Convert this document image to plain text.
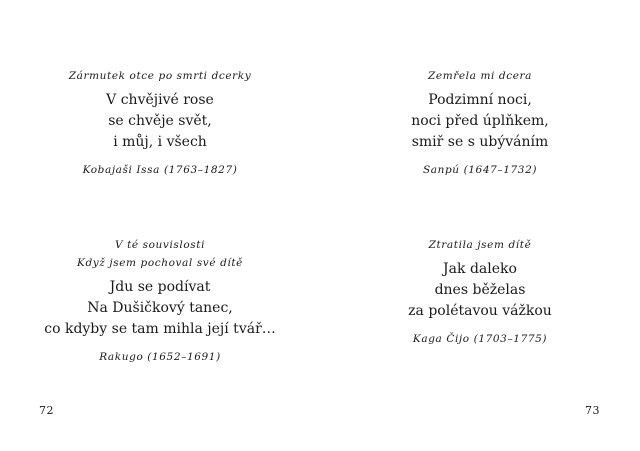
Zármutek otce po smrti dcerky

V chvějivé rose
se chvěje svět,
i můj, i všech
Kobajaši Issa (1763–1827)

V té souvislosti

Když jsem pochoval své dítě

Jdu se podívat
Na Dušičkový tanec,
co kdyby se tam mihla její tvář…
Rakugo (1652–1691)
72

Zemřela mi dcera

Podzimní noci,
noci před úplňkem,
smiř se s ubýváním
Sanpú (1647–1732)

Ztratila jsem dítě

Jak daleko
dnes běželas
za polétavou vážkou
Kaga Čijo (1703–1775)
73
